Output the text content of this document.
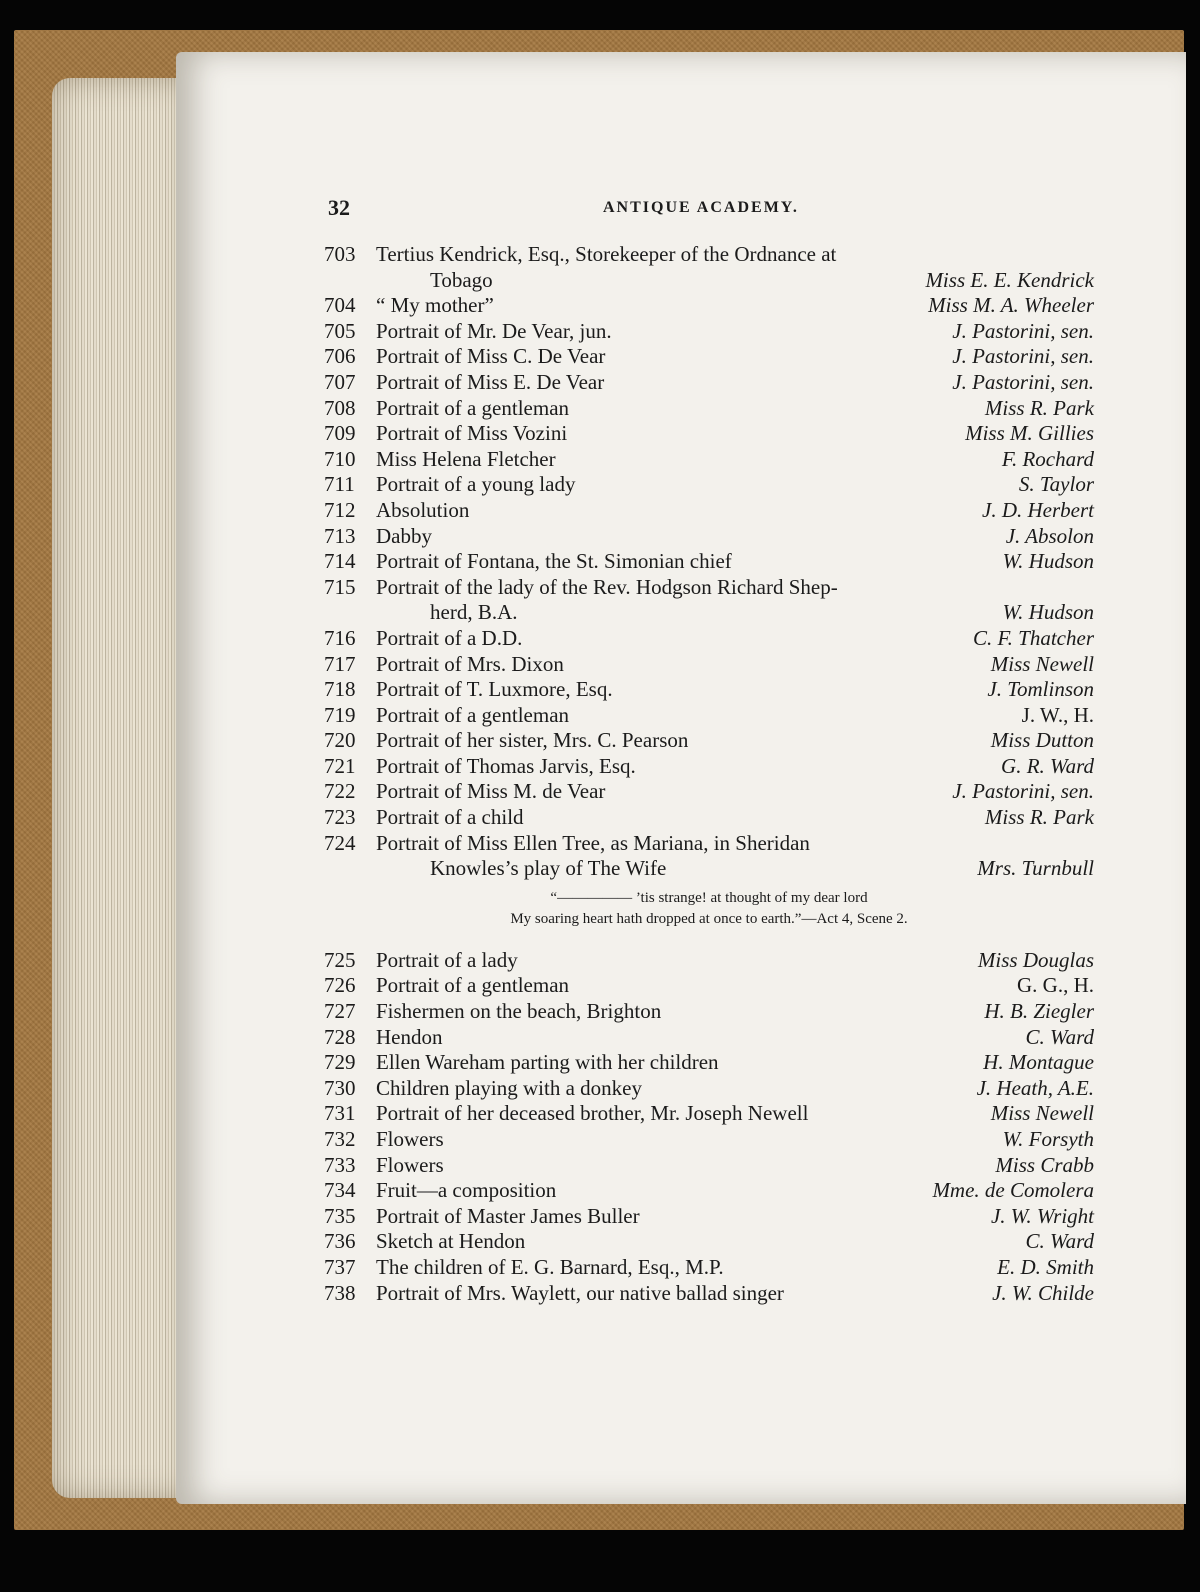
32	ANTIQUE ACADEMY.
703 Tertius Kendrick, Esq., Storekeeper of the Ordnance at
Tobago	Miss E. E. Kendrick
704 “ My mother”	Miss M. A. Wheeler
705 Portrait of Mr. De Vear, jun.	J. Pastorini, sen.
706 Portrait of Miss C. De Vear	J. Pastorini, sen.
707 Portrait of Miss E. De Vear	J. Pastorini, sen.
708 Portrait of a gentleman	Miss R. Park
709 Portrait of Miss Vozini	Miss M. Gillies
710 Miss Helena Fletcher	F. Rochard
711 Portrait of a young lady	S. Taylor
712 Absolution	J. D. Herbert
713 Dabby	J. Absolon
714 Portrait of Fontana, the St. Simonian chief	W. Hudson
715 Portrait of the lady of the Rev. Hodgson Richard Shep-
herd, B.A.	W. Hudson
716 Portrait of a D.D.	C. F. Thatcher
717 Portrait of Mrs. Dixon	Miss Newell
718 Portrait of T. Luxmore, Esq.	J. Tomlinson
719 Portrait of a gentleman	J. W., H.
720 Portrait of her sister, Mrs. C. Pearson	Miss Dutton
721 Portrait of Thomas Jarvis, Esq.	G. R. Ward
722 Portrait of Miss M. de Vear	J. Pastorini, sen.
723 Portrait of a child	Miss R. Park
724 Portrait of Miss Ellen Tree, as Mariana, in Sheridan
Knowles’s play of The Wife	Mrs. Turnbull
“————— ’tis strange! at thought of my dear lord
My soaring heart hath dropped at once to earth.”—Act 4, Scene 2.
725 Portrait of a lady	Miss Douglas
726 Portrait of a gentleman	G. G., H.
727 Fishermen on the beach, Brighton	H. B. Ziegler
728 Hendon	C. Ward
729 Ellen Wareham parting with her children	H. Montague
730 Children playing with a donkey	J. Heath, A.E.
731 Portrait of her deceased brother, Mr. Joseph Newell	Miss Newell
732 Flowers	W. Forsyth
733 Flowers	Miss Crabb
734 Fruit—a composition	Mme. de Comolera
735 Portrait of Master James Buller	J. W. Wright
736 Sketch at Hendon	C. Ward
737 The children of E. G. Barnard, Esq., M.P.	E. D. Smith
738 Portrait of Mrs. Waylett, our native ballad singer	J. W. Childe
